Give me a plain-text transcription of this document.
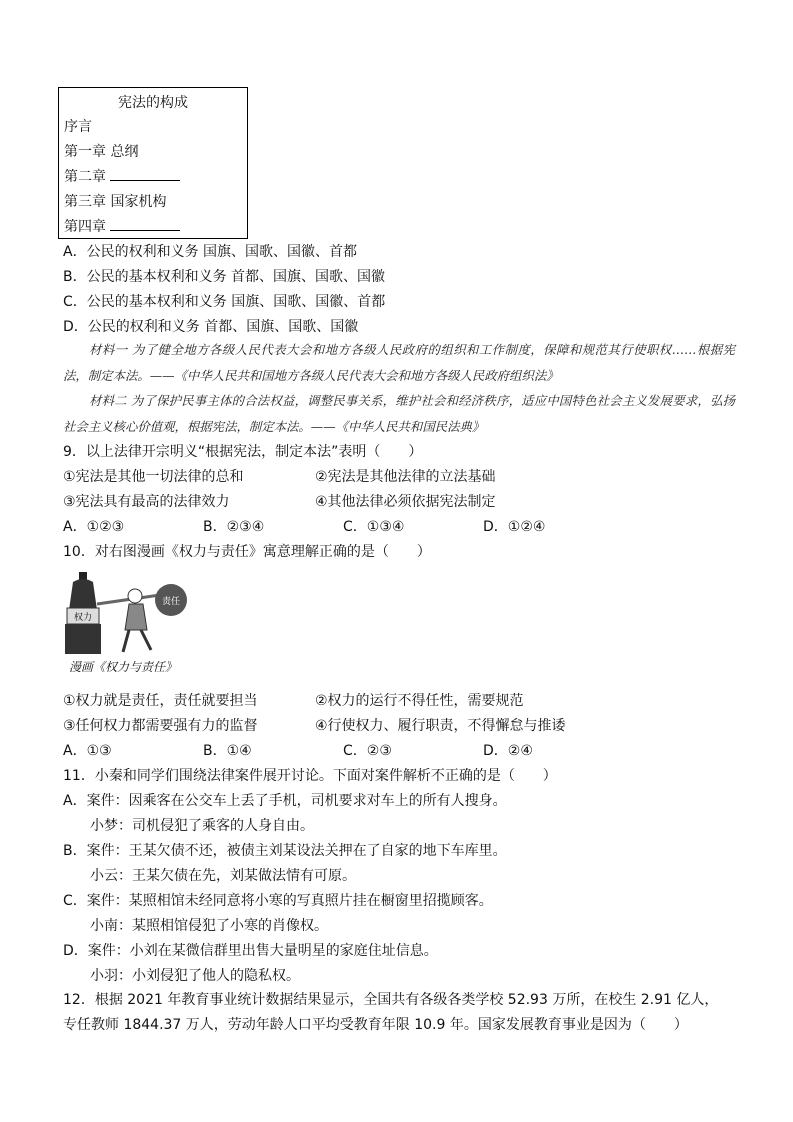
宪法的构成
序言
第一章 总纲
第二章
第三章 国家机构
第四章
A．公民的权利和义务 国旗、国歌、国徽、首都
B．公民的基本权利和义务 首都、国旗、国歌、国徽
C．公民的基本权利和义务 国旗、国歌、国徽、首都
D．公民的权利和义务 首都、国旗、国歌、国徽

材料一 为了健全地方各级人民代表大会和地方各级人民政府的组织和工作制度，保障和规范其行使职权……根据宪法，制定本法。——《中华人民共和国地方各级人民代表大会和地方各级人民政府组织法》

材料二 为了保护民事主体的合法权益，调整民事关系，维护社会和经济秩序，适应中国特色社会主义发展要求，弘扬社会主义核心价值观，根据宪法，制定本法。——《中华人民共和国民法典》

9．以上法律开宗明义“根据宪法，制定本法”表明（　　）
①宪法是其他一切法律的总和	②宪法是其他法律的立法基础
③宪法具有最高的法律效力	④其他法律必须依据宪法制定
A．①②③	B．②③④	C．①③④	D．①②④
10．对右图漫画《权力与责任》寓意理解正确的是（　　）
权力
责任
漫画《权力与责任》
①权力就是责任，责任就要担当	②权力的运行不得任性，需要规范
③任何权力都需要强有力的监督	④行使权力、履行职责，不得懈怠与推诿
A．①③	B．①④	C．②③	D．②④
11．小秦和同学们围绕法律案件展开讨论。下面对案件解析不正确的是（　　）
A．案件：因乘客在公交车上丢了手机，司机要求对车上的所有人搜身。
小梦：司机侵犯了乘客的人身自由。
B．案件：王某欠债不还，被债主刘某设法关押在了自家的地下车库里。
小云：王某欠债在先，刘某做法情有可原。
C．案件：某照相馆未经同意将小寒的写真照片挂在橱窗里招揽顾客。
小南：某照相馆侵犯了小寒的肖像权。
D．案件：小刘在某微信群里出售大量明星的家庭住址信息。
小羽：小刘侵犯了他人的隐私权。
12．根据 2021 年教育事业统计数据结果显示，全国共有各级各类学校 52.93 万所，在校生 2.91 亿人，专任教师 1844.37 万人，劳动年龄人口平均受教育年限 10.9 年。国家发展教育事业是因为（　　）
